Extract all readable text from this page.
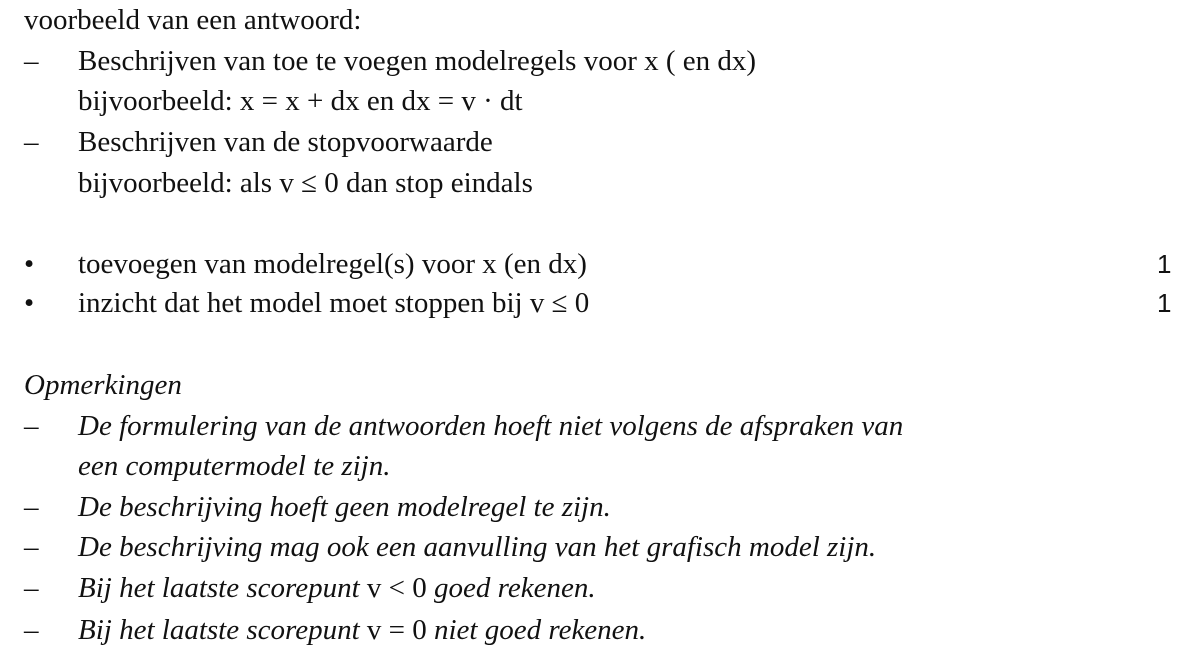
voorbeeld van een antwoord:
–	Beschrijven van toe te voegen modelregels voor x ( en dx)
bijvoorbeeld: x = x + dx en dx = v · dt
–	Beschrijven van de stopvoorwaarde
bijvoorbeeld: als v ≤ 0 dan stop eindals
•	toevoegen van modelregel(s) voor x (en dx)	1
•	inzicht dat het model moet stoppen bij v ≤ 0	1
Opmerkingen
–	De formulering van de antwoorden hoeft niet volgens de afspraken van
een computermodel te zijn.
–	De beschrijving hoeft geen modelregel te zijn.
–	De beschrijving mag ook een aanvulling van het grafisch model zijn.
–	Bij het laatste scorepunt v < 0 goed rekenen.
–	Bij het laatste scorepunt v = 0 niet goed rekenen.
